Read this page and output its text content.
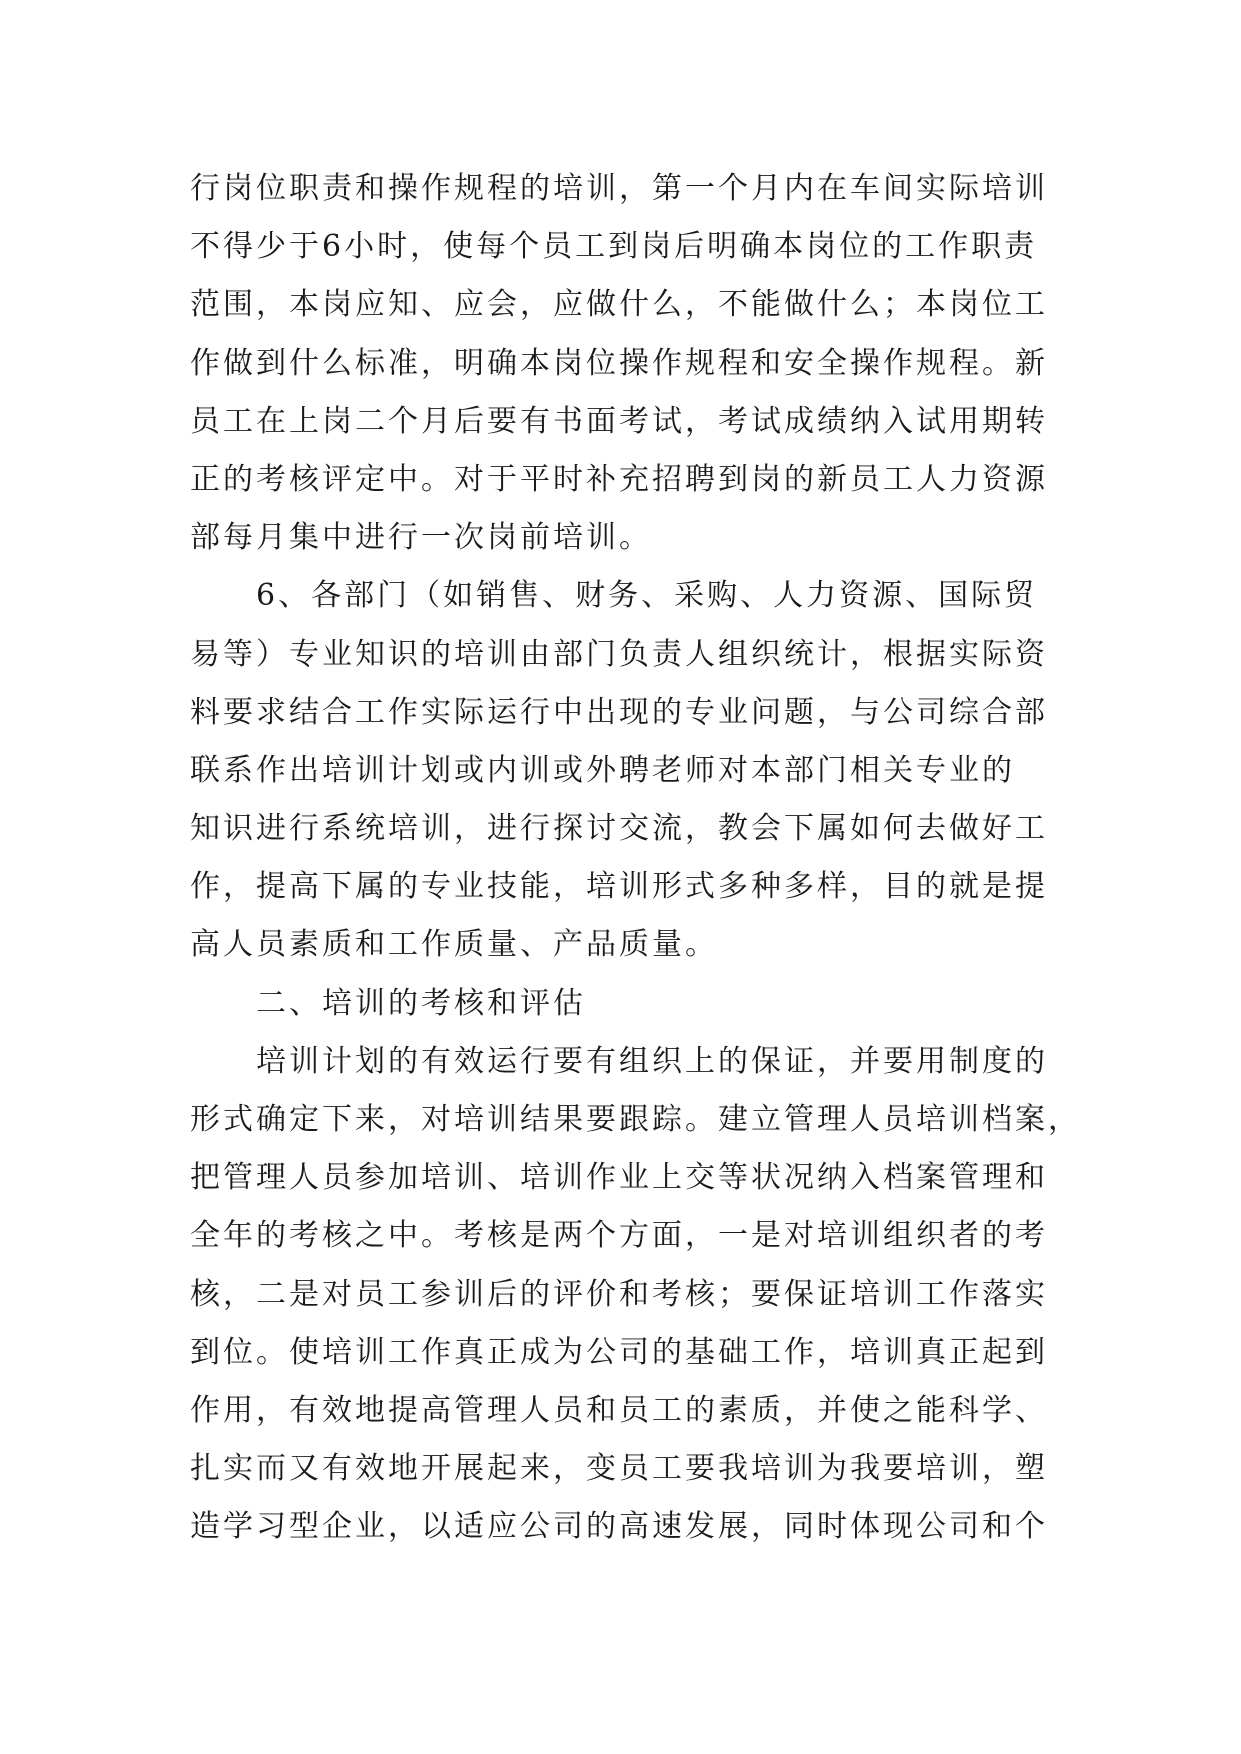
行岗位职责和操作规程的培训，第一个月内在车间实际培训
不得少于6小时，使每个员工到岗后明确本岗位的工作职责
范围，本岗应知、应会，应做什么，不能做什么；本岗位工
作做到什么标准，明确本岗位操作规程和安全操作规程。新
员工在上岗二个月后要有书面考试，考试成绩纳入试用期转
正的考核评定中。对于平时补充招聘到岗的新员工人力资源
部每月集中进行一次岗前培训。
　　6、各部门（如销售、财务、采购、人力资源、国际贸
易等）专业知识的培训由部门负责人组织统计，根据实际资
料要求结合工作实际运行中出现的专业问题，与公司综合部
联系作出培训计划或内训或外聘老师对本部门相关专业的
知识进行系统培训，进行探讨交流，教会下属如何去做好工
作，提高下属的专业技能，培训形式多种多样，目的就是提
高人员素质和工作质量、产品质量。
　　二、培训的考核和评估
　　培训计划的有效运行要有组织上的保证，并要用制度的
形式确定下来，对培训结果要跟踪。建立管理人员培训档案，
把管理人员参加培训、培训作业上交等状况纳入档案管理和
全年的考核之中。考核是两个方面，一是对培训组织者的考
核，二是对员工参训后的评价和考核；要保证培训工作落实
到位。使培训工作真正成为公司的基础工作，培训真正起到
作用，有效地提高管理人员和员工的素质，并使之能科学、
扎实而又有效地开展起来，变员工要我培训为我要培训，塑
造学习型企业，以适应公司的高速发展，同时体现公司和个
